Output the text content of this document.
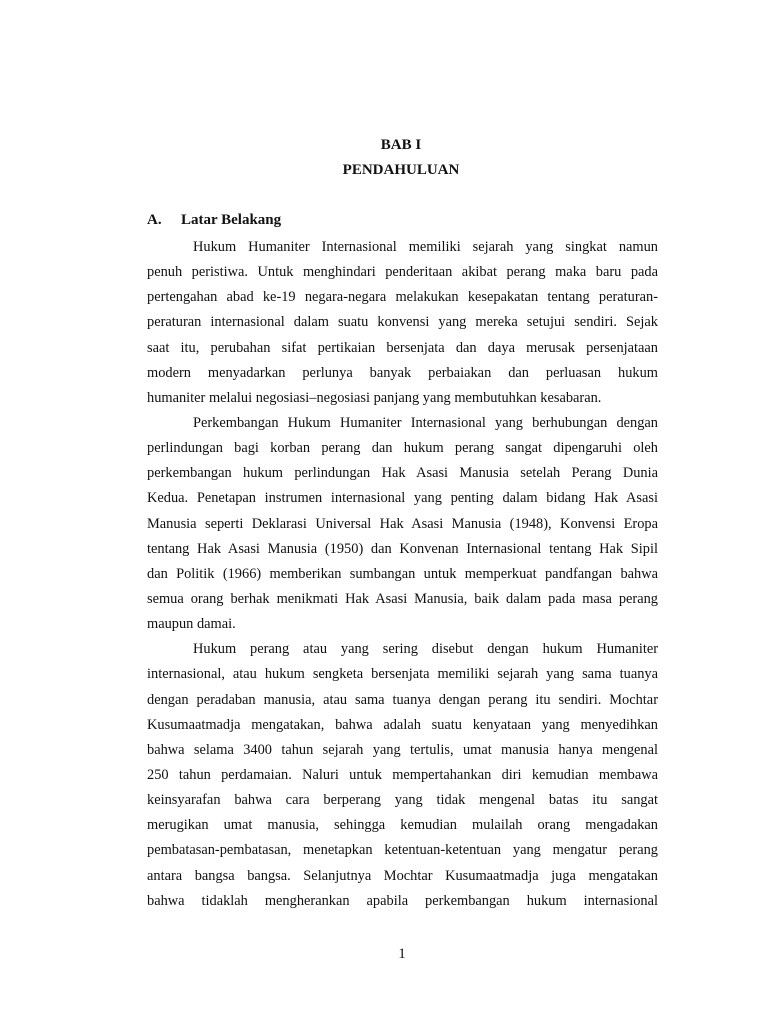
BAB I

PENDAHULUAN

A. Latar Belakang

Hukum Humaniter Internasional memiliki sejarah yang singkat namun
penuh peristiwa. Untuk menghindari penderitaan akibat perang maka baru pada
pertengahan abad ke-19 negara-negara melakukan kesepakatan tentang peraturan-
peraturan internasional dalam suatu konvensi yang mereka setujui sendiri. Sejak
saat itu, perubahan sifat pertikaian bersenjata dan daya merusak persenjataan
modern menyadarkan perlunya banyak perbaiakan dan perluasan hukum
humaniter melalui negosiasi–negosiasi panjang yang membutuhkan kesabaran.
Perkembangan Hukum Humaniter Internasional yang berhubungan dengan
perlindungan bagi korban perang dan hukum perang sangat dipengaruhi oleh
perkembangan hukum perlindungan Hak Asasi Manusia setelah Perang Dunia
Kedua. Penetapan instrumen internasional yang penting dalam bidang Hak Asasi
Manusia seperti Deklarasi Universal Hak Asasi Manusia (1948), Konvensi Eropa
tentang Hak Asasi Manusia (1950) dan Konvenan Internasional tentang Hak Sipil
dan Politik (1966) memberikan sumbangan untuk memperkuat pandfangan bahwa
semua orang berhak menikmati Hak Asasi Manusia, baik dalam pada masa perang
maupun damai.
Hukum perang atau yang sering disebut dengan hukum Humaniter
internasional, atau hukum sengketa bersenjata memiliki sejarah yang sama tuanya
dengan peradaban manusia, atau sama tuanya dengan perang itu sendiri. Mochtar
Kusumaatmadja mengatakan, bahwa adalah suatu kenyataan yang menyedihkan
bahwa selama 3400 tahun sejarah yang tertulis, umat manusia hanya mengenal
250 tahun perdamaian. Naluri untuk mempertahankan diri kemudian membawa
keinsyarafan bahwa cara berperang yang tidak mengenal batas itu sangat
merugikan umat manusia, sehingga kemudian mulailah orang mengadakan
pembatasan-pembatasan, menetapkan ketentuan-ketentuan yang mengatur perang
antara bangsa bangsa. Selanjutnya Mochtar Kusumaatmadja juga mengatakan
bahwa tidaklah mengherankan apabila perkembangan hukum internasional
1
